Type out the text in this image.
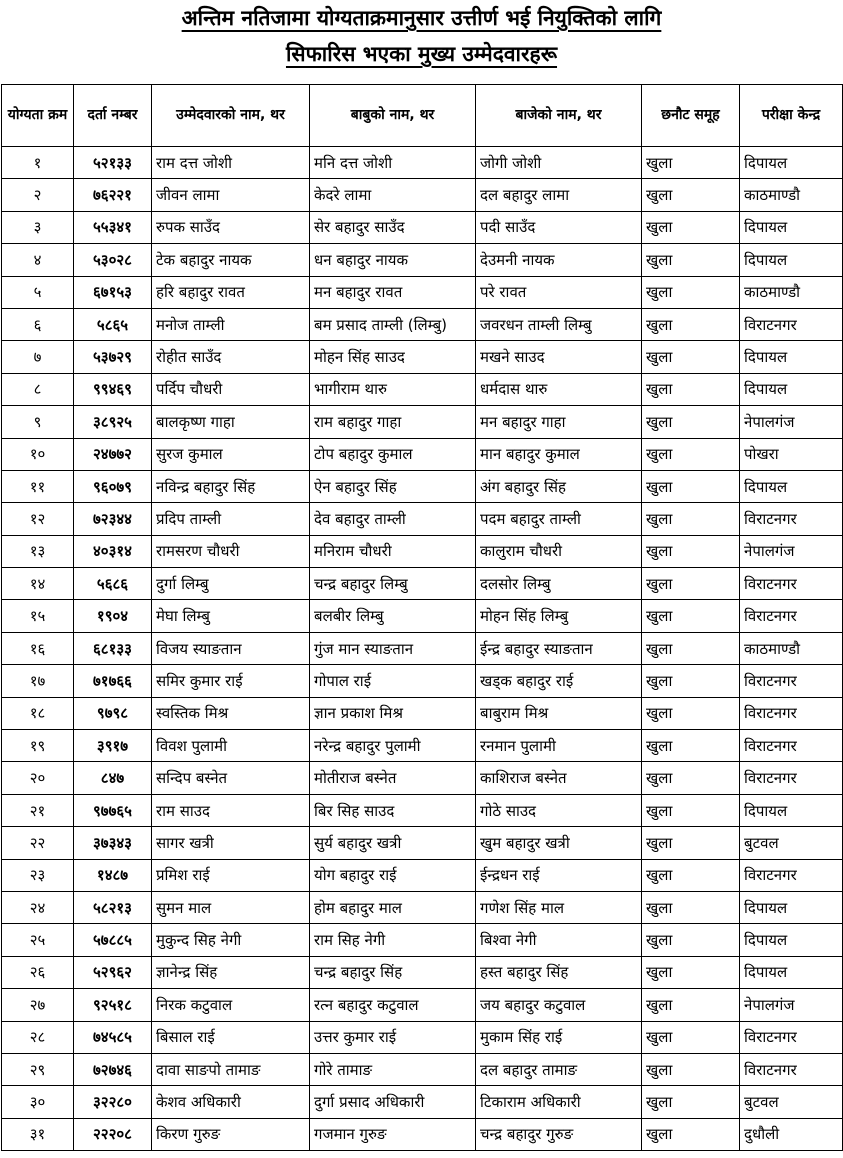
अन्तिम नतिजामा योग्यताक्रमानुसार उत्तीर्ण भई नियुक्तिको लागि
सिफारिस भएका मुख्य उम्मेदवारहरू
योग्यता क्रम	दर्ता नम्बर	उम्मेदवारको नाम, थर	बाबुको नाम, थर	बाजेको नाम, थर	छनौट समूह	परीक्षा केन्द्र
१	५२१३३	राम दत्त जोशी	मनि दत्त जोशी	जोगी जोशी	खुला	दिपायल
२	७६२२१	जीवन लामा	केदरे लामा	दल बहादुर लामा	खुला	काठमाण्डौ
३	५५३४१	रुपक साउँद	सेर बहादुर साउँद	पदी साउँद	खुला	दिपायल
४	५३०२८	टेक बहादुर नायक	धन बहादुर नायक	देउमनी नायक	खुला	दिपायल
५	६७१५३	हरि बहादुर रावत	मन बहादुर रावत	परे रावत	खुला	काठमाण्डौ
६	५८६५	मनोज ताम्ली	बम प्रसाद ताम्ली (लिम्बु)	जवरधन ताम्ली लिम्बु	खुला	विराटनगर
७	५३७२९	रोहीत साउँद	मोहन सिंह साउद	मखने साउद	खुला	दिपायल
८	९९४६९	पर्दिप चौधरी	भागीराम थारु	धर्मदास थारु	खुला	दिपायल
९	३८९२५	बालकृष्ण गाहा	राम बहादुर गाहा	मन बहादुर गाहा	खुला	नेपालगंज
१०	२४७७२	सुरज कुमाल	टोप बहादुर कुमाल	मान बहादुर कुमाल	खुला	पोखरा
११	९६०७९	नविन्द्र बहादुर सिंह	ऐन बहादुर सिंह	अंग बहादुर सिंह	खुला	दिपायल
१२	७२३४४	प्रदिप ताम्ली	देव बहादुर ताम्ली	पदम बहादुर ताम्ली	खुला	विराटनगर
१३	४०३१४	रामसरण चौधरी	मनिराम चौधरी	कालुराम चौधरी	खुला	नेपालगंज
१४	५६८६	दुर्गा लिम्बु	चन्द्र बहादुर लिम्बु	दलसोर लिम्बु	खुला	विराटनगर
१५	१९०४	मेघा लिम्बु	बलबीर लिम्बु	मोहन सिंह लिम्बु	खुला	विराटनगर
१६	६८१३३	विजय स्याङतान	गुंज मान स्याङतान	ईन्द्र बहादुर स्याङतान	खुला	काठमाण्डौ
१७	७१७६६	समिर कुमार राई	गोपाल राई	खड्क बहादुर राई	खुला	विराटनगर
१८	९७९८	स्वस्तिक मिश्र	ज्ञान प्रकाश मिश्र	बाबुराम मिश्र	खुला	विराटनगर
१९	३९१७	विवश पुलामी	नरेन्द्र बहादुर पुलामी	रनमान पुलामी	खुला	विराटनगर
२०	८४७	सन्दिप बस्नेत	मोतीराज बस्नेत	काशिराज बस्नेत	खुला	विराटनगर
२१	९७७६५	राम साउद	बिर सिह साउद	गोठे साउद	खुला	दिपायल
२२	३७३४३	सागर खत्री	सुर्य बहादुर खत्री	खुम बहादुर खत्री	खुला	बुटवल
२३	१४८७	प्रमिश राई	योग बहादुर राई	ईन्द्रधन राई	खुला	विराटनगर
२४	५८२१३	सुमन माल	होम बहादुर माल	गणेश सिंह माल	खुला	दिपायल
२५	५७८८५	मुकुन्द सिह नेगी	राम सिह नेगी	बिश्वा नेगी	खुला	दिपायल
२६	५२९६२	ज्ञानेन्द्र सिंह	चन्द्र बहादुर सिंह	हस्त बहादुर सिंह	खुला	दिपायल
२७	९२५१८	निरक कटुवाल	रत्न बहादुर कटुवाल	जय बहादुर कटुवाल	खुला	नेपालगंज
२८	७४५८५	बिसाल राई	उत्तर कुमार राई	मुकाम सिंह राई	खुला	विराटनगर
२९	७२७४६	दावा साङपो तामाङ	गोरे तामाङ	दल बहादुर तामाङ	खुला	विराटनगर
३०	३२२८०	केशव अधिकारी	दुर्गा प्रसाद अधिकारी	टिकाराम अधिकारी	खुला	बुटवल
३१	२२२०८	किरण गुरुङ	गजमान गुरुङ	चन्द्र बहादुर गुरुङ	खुला	दुधौली
